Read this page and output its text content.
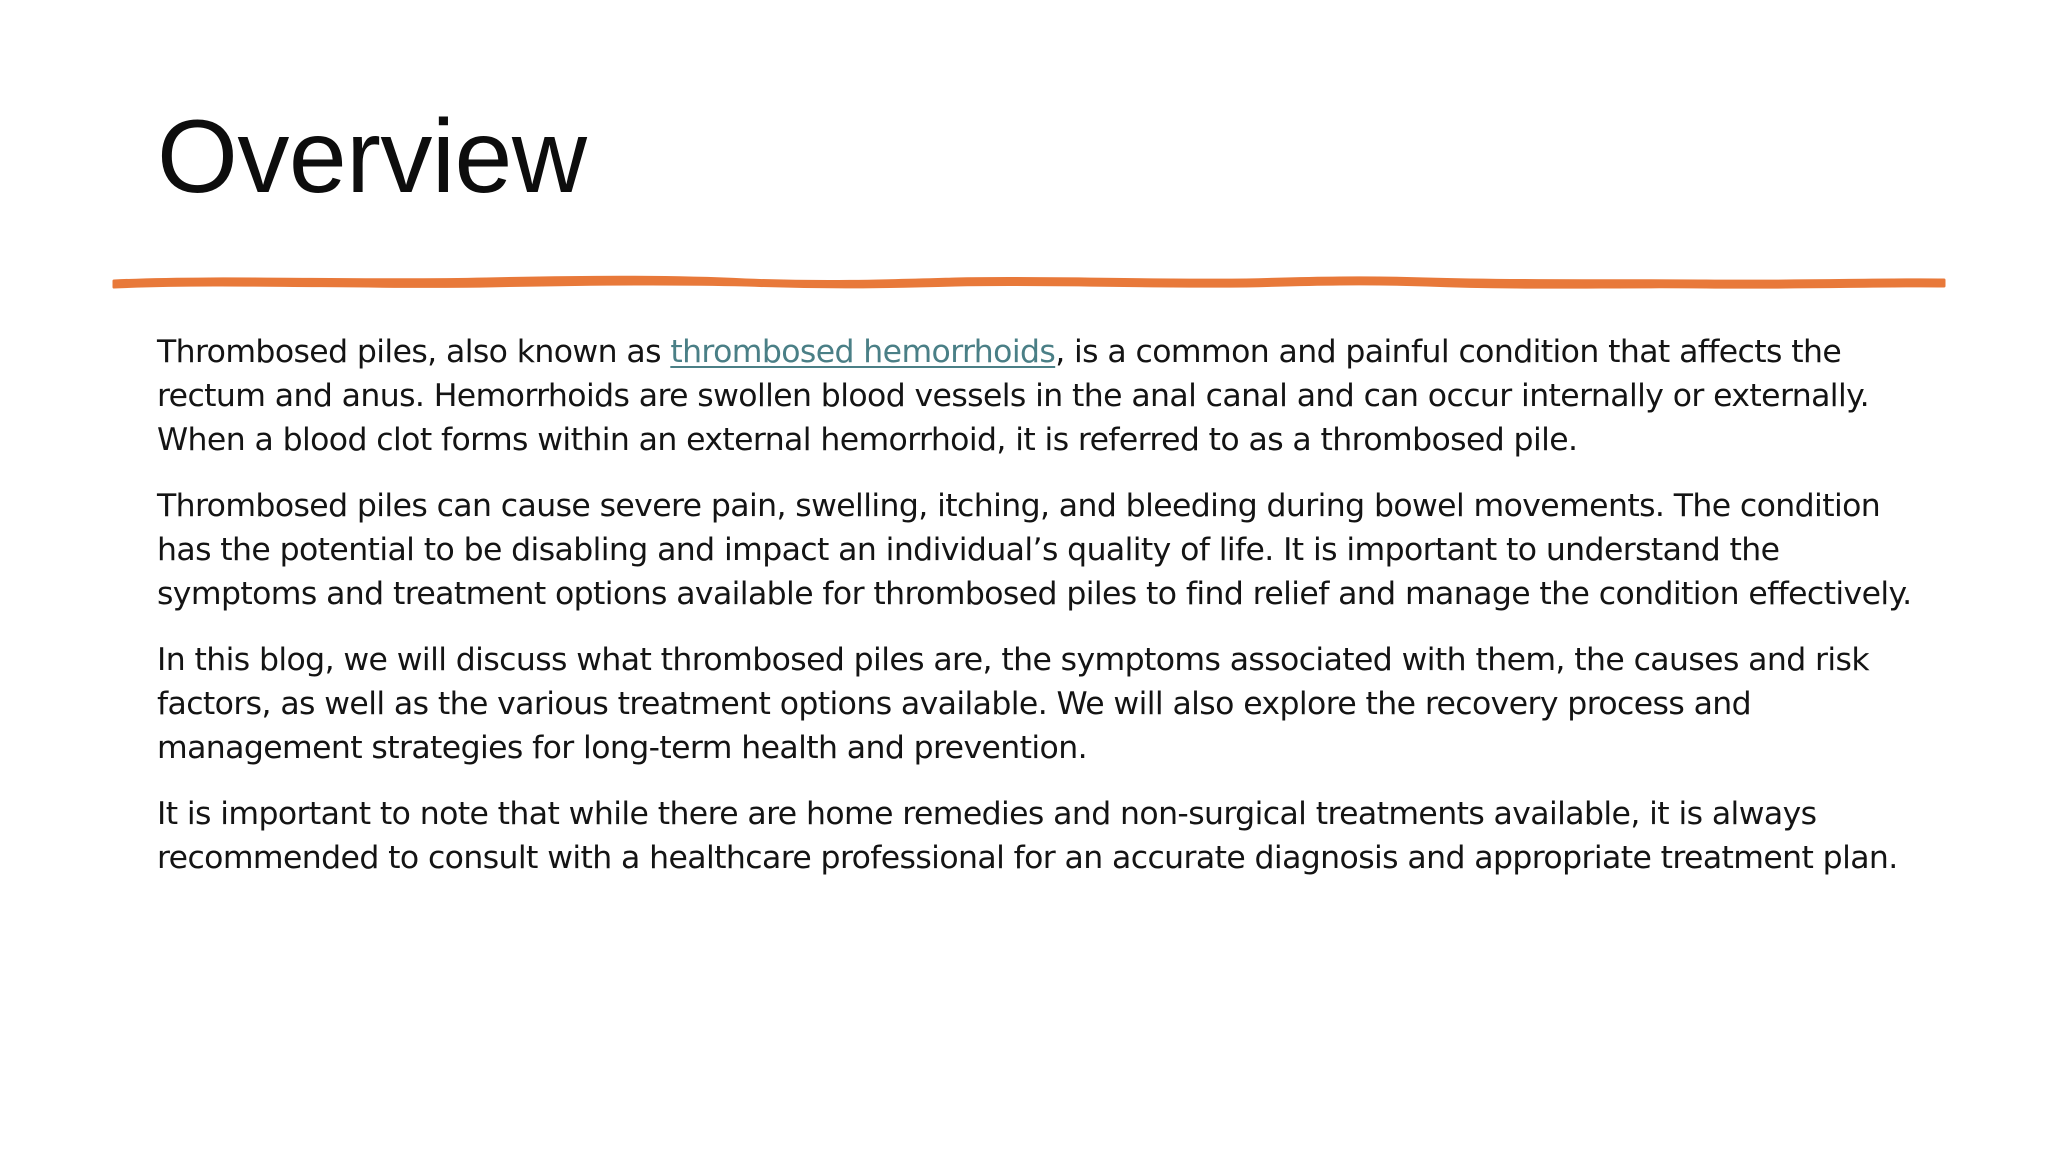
Overview

Thrombosed piles, also known as thrombosed hemorrhoids, is a common and painful condition that affects the rectum and anus. Hemorrhoids are swollen blood vessels in the anal canal and can occur internally or externally. When a blood clot forms within an external hemorrhoid, it is referred to as a thrombosed pile.

Thrombosed piles can cause severe pain, swelling, itching, and bleeding during bowel movements. The condition has the potential to be disabling and impact an individual’s quality of life. It is important to understand the symptoms and treatment options available for thrombosed piles to find relief and manage the condition effectively.

In this blog, we will discuss what thrombosed piles are, the symptoms associated with them, the causes and risk factors, as well as the various treatment options available. We will also explore the recovery process and management strategies for long-term health and prevention.

It is important to note that while there are home remedies and non-surgical treatments available, it is always recommended to consult with a healthcare professional for an accurate diagnosis and appropriate treatment plan.
